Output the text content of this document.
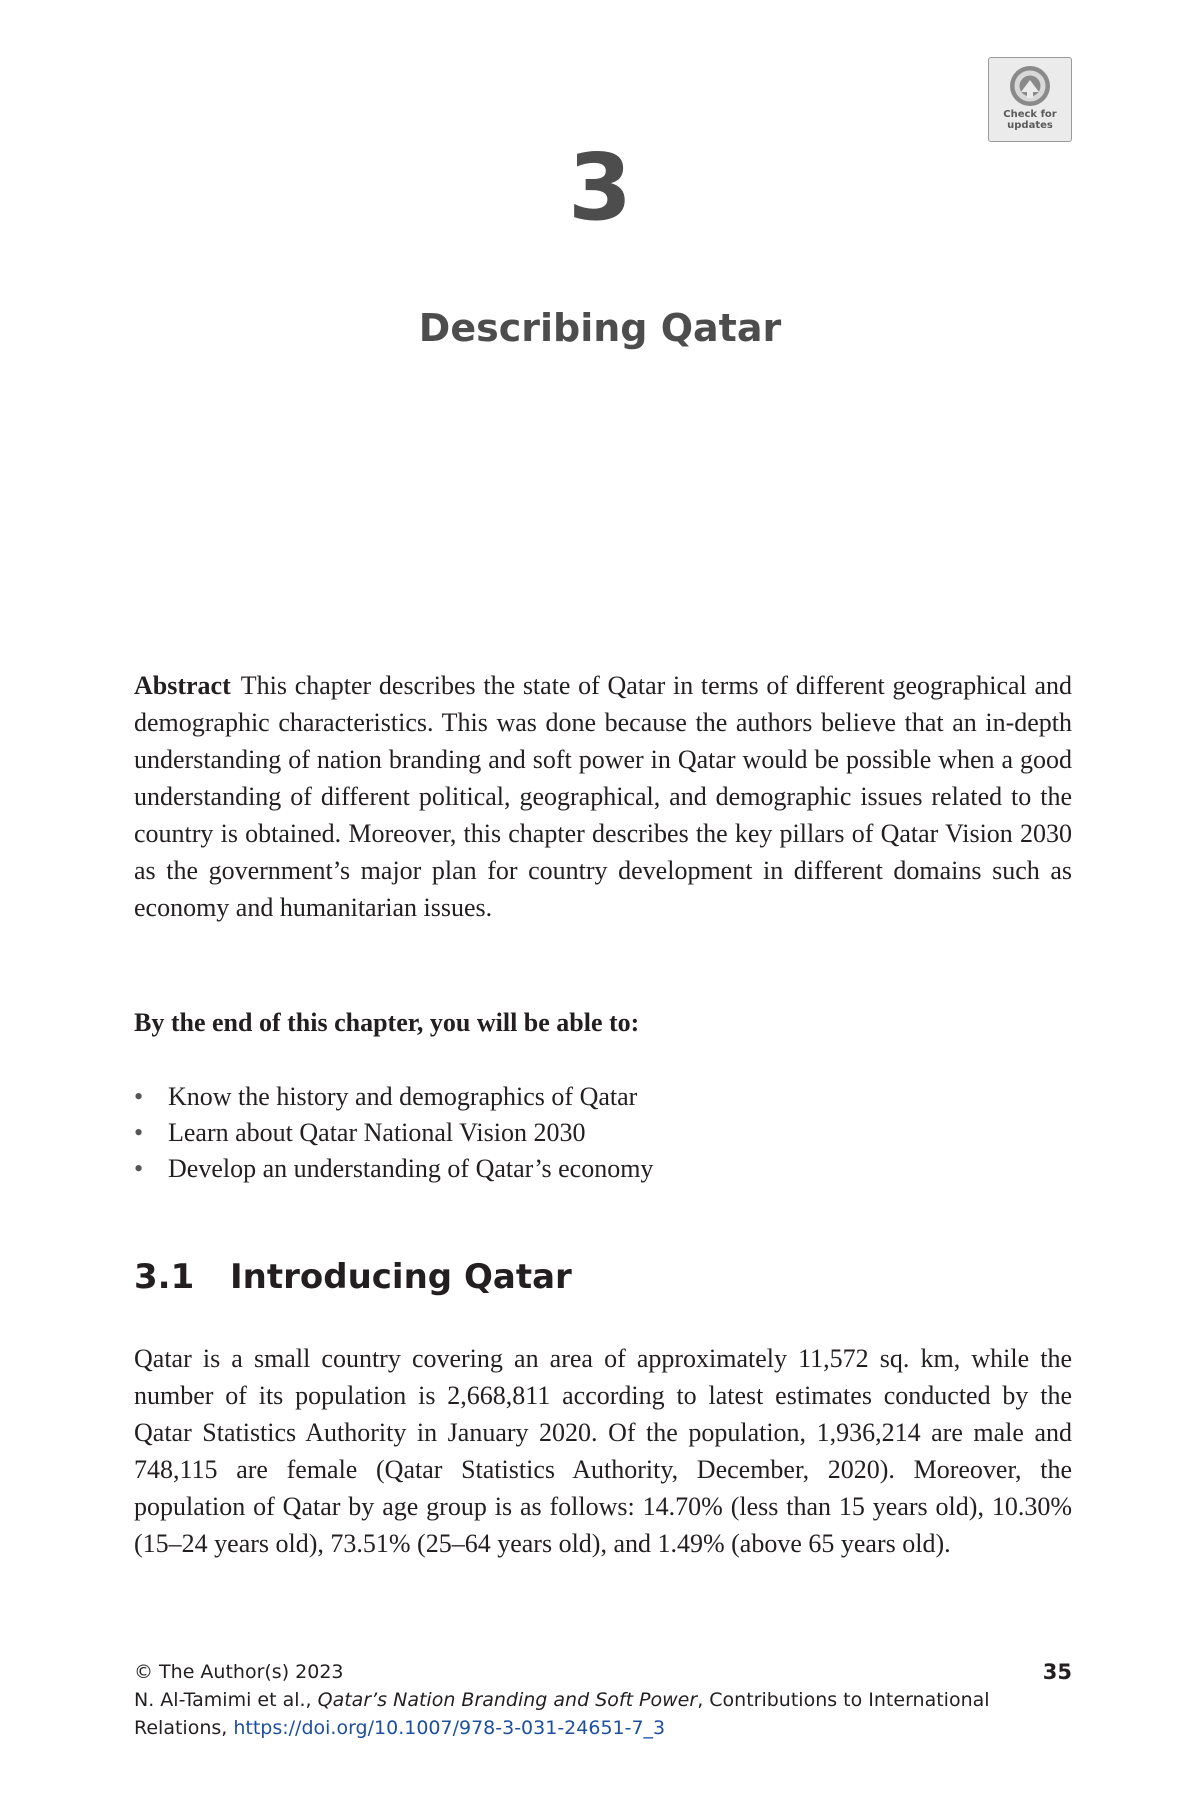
Check for
updates
3
Describing Qatar
Abstract This chapter describes the state of Qatar in terms of different geographical and demographic characteristics. This was done because the authors believe that an in-depth understanding of nation branding and soft power in Qatar would be possible when a good understanding of different political, geographical, and demographic issues related to the country is obtained. Moreover, this chapter describes the key pillars of Qatar Vision 2030 as the government’s major plan for country development in different domains such as economy and humanitarian issues.
By the end of this chapter, you will be able to:
• Know the history and demographics of Qatar
• Learn about Qatar National Vision 2030
• Develop an understanding of Qatar’s economy
3.1 Introducing Qatar
Qatar is a small country covering an area of approximately 11,572 sq. km, while the number of its population is 2,668,811 according to latest estimates conducted by the Qatar Statistics Authority in January 2020. Of the population, 1,936,214 are male and 748,115 are female (Qatar Statistics Authority, December, 2020). Moreover, the population of Qatar by age group is as follows: 14.70% (less than 15 years old), 10.30% (15–24 years old), 73.51% (25–64 years old), and 1.49% (above 65 years old).
© The Author(s) 2023	35
N. Al-Tamimi et al., Qatar’s Nation Branding and Soft Power, Contributions to International
Relations, https://doi.org/10.1007/978-3-031-24651-7_3
